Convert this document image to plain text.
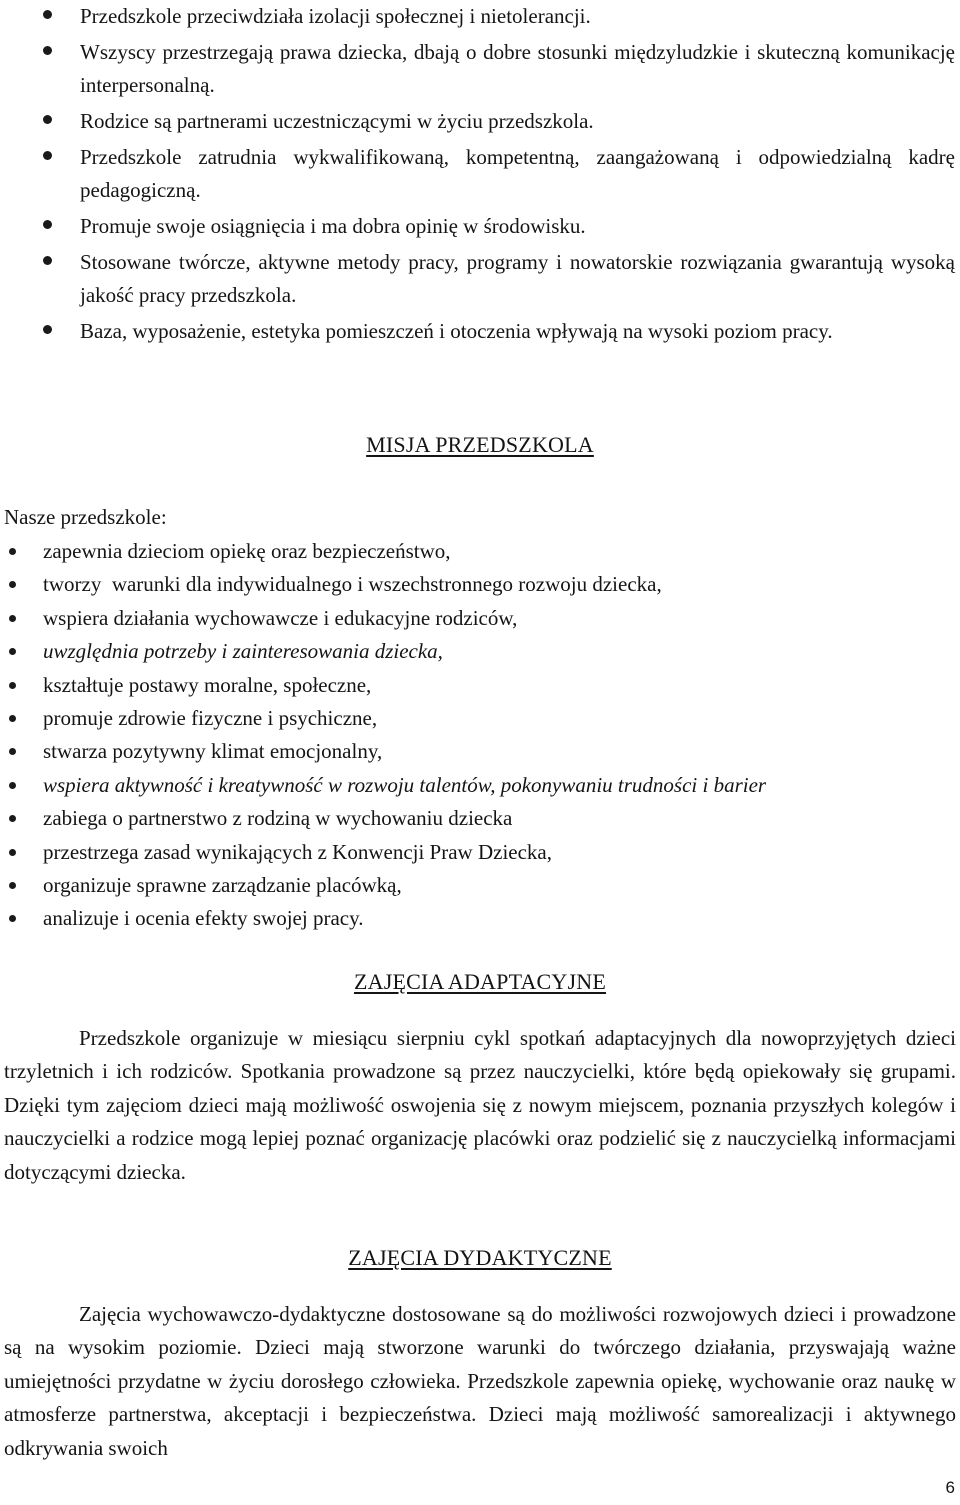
Przedszkole przeciwdziała izolacji społecznej i nietolerancji.
Wszyscy przestrzegają prawa dziecka, dbają o dobre stosunki międzyludzkie i skuteczną komunikację interpersonalną.
Rodzice są partnerami uczestniczącymi w życiu przedszkola.
Przedszkole zatrudnia wykwalifikowaną, kompetentną, zaangażowaną i odpowiedzialną kadrę pedagogiczną.
Promuje swoje osiągnięcia i ma dobra opinię w środowisku.
Stosowane twórcze, aktywne metody pracy, programy i nowatorskie rozwiązania gwarantują wysoką jakość pracy przedszkola.
Baza, wyposażenie, estetyka pomieszczeń i otoczenia wpływają na wysoki poziom pracy.
MISJA PRZEDSZKOLA

Nasze przedszkole:

zapewnia dzieciom opiekę oraz bezpieczeństwo,
tworzy  warunki dla indywidualnego i wszechstronnego rozwoju dziecka,
wspiera działania wychowawcze i edukacyjne rodziców,
uwzględnia potrzeby i zainteresowania dziecka,
kształtuje postawy moralne, społeczne,
promuje zdrowie fizyczne i psychiczne,
stwarza pozytywny klimat emocjonalny,
wspiera aktywność i kreatywność w rozwoju talentów, pokonywaniu trudności i barier
zabiega o partnerstwo z rodziną w wychowaniu dziecka
przestrzega zasad wynikających z Konwencji Praw Dziecka,
organizuje sprawne zarządzanie placówką,
analizuje i ocenia efekty swojej pracy.
ZAJĘCIA ADAPTACYJNE

Przedszkole organizuje w miesiącu sierpniu cykl spotkań adaptacyjnych dla nowoprzyjętych dzieci trzyletnich i ich rodziców. Spotkania prowadzone są przez nauczycielki, które będą opiekowały się grupami. Dzięki tym zajęciom dzieci mają możliwość oswojenia się z nowym miejscem, poznania przyszłych kolegów i nauczycielki a rodzice mogą lepiej poznać organizację placówki oraz podzielić się z nauczycielką informacjami dotyczącymi dziecka.

ZAJĘCIA DYDAKTYCZNE

Zajęcia wychowawczo-dydaktyczne dostosowane są do możliwości rozwojowych dzieci i prowadzone są na wysokim poziomie. Dzieci mają stworzone warunki do twórczego działania, przyswajają ważne umiejętności przydatne w życiu dorosłego człowieka. Przedszkole zapewnia opiekę, wychowanie oraz naukę w atmosferze partnerstwa, akceptacji i bezpieczeństwa. Dzieci mają możliwość samorealizacji i aktywnego odkrywania swoich

6
